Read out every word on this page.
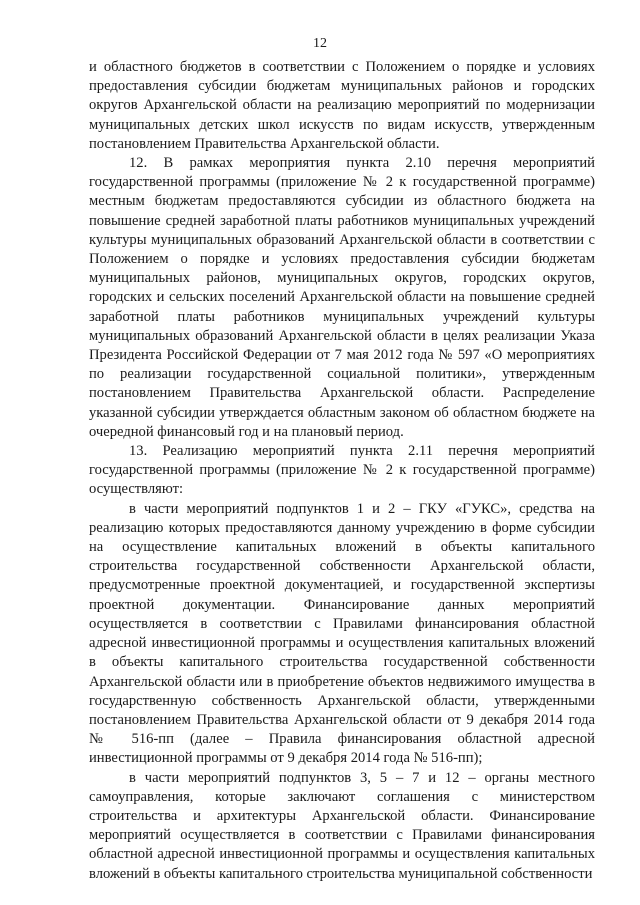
12

и областного бюджетов в соответствии с Положением о порядке и условиях предоставления субсидии бюджетам муниципальных районов и городских округов Архангельской области на реализацию мероприятий по модернизации муниципальных детских школ искусств по видам искусств, утвержденным постановлением Правительства Архангельской области.

12. В рамках мероприятия пункта 2.10 перечня мероприятий государственной программы (приложение № 2 к государственной программе) местным бюджетам предоставляются субсидии из областного бюджета на повышение средней заработной платы работников муниципальных учреждений культуры муниципальных образований Архангельской области в соответствии с Положением о порядке и условиях предоставления субсидии бюджетам муниципальных районов, муниципальных округов, городских округов, городских и сельских поселений Архангельской области на повышение средней заработной платы работников муниципальных учреждений культуры муниципальных образований Архангельской области в целях реализации Указа Президента Российской Федерации от 7 мая 2012 года № 597 «О мероприятиях по реализации государственной социальной политики», утвержденным постановлением Правительства Архангельской области. Распределение указанной субсидии утверждается областным законом об областном бюджете на очередной финансовый год и на плановый период.

13. Реализацию мероприятий пункта 2.11 перечня мероприятий государственной программы (приложение № 2 к государственной программе) осуществляют:

в части мероприятий подпунктов 1 и 2 – ГКУ «ГУКС», средства на реализацию которых предоставляются данному учреждению в форме субсидии на осуществление капитальных вложений в объекты капитального строительства государственной собственности Архангельской области, предусмотренные проектной документацией, и государственной экспертизы проектной документации. Финансирование данных мероприятий осуществляется в соответствии с Правилами финансирования областной адресной инвестиционной программы и осуществления капитальных вложений в объекты капитального строительства государственной собственности Архангельской области или в приобретение объектов недвижимого имущества в государственную собственность Архангельской области, утвержденными постановлением Правительства Архангельской области от 9 декабря 2014 года № 516-пп (далее – Правила финансирования областной адресной инвестиционной программы от 9 декабря 2014 года № 516-пп);

в части мероприятий подпунктов 3, 5 – 7 и 12 – органы местного самоуправления, которые заключают соглашения с министерством строительства и архитектуры Архангельской области. Финансирование мероприятий осуществляется в соответствии с Правилами финансирования областной адресной инвестиционной программы и осуществления капитальных вложений в объекты капитального строительства муниципальной собственности
